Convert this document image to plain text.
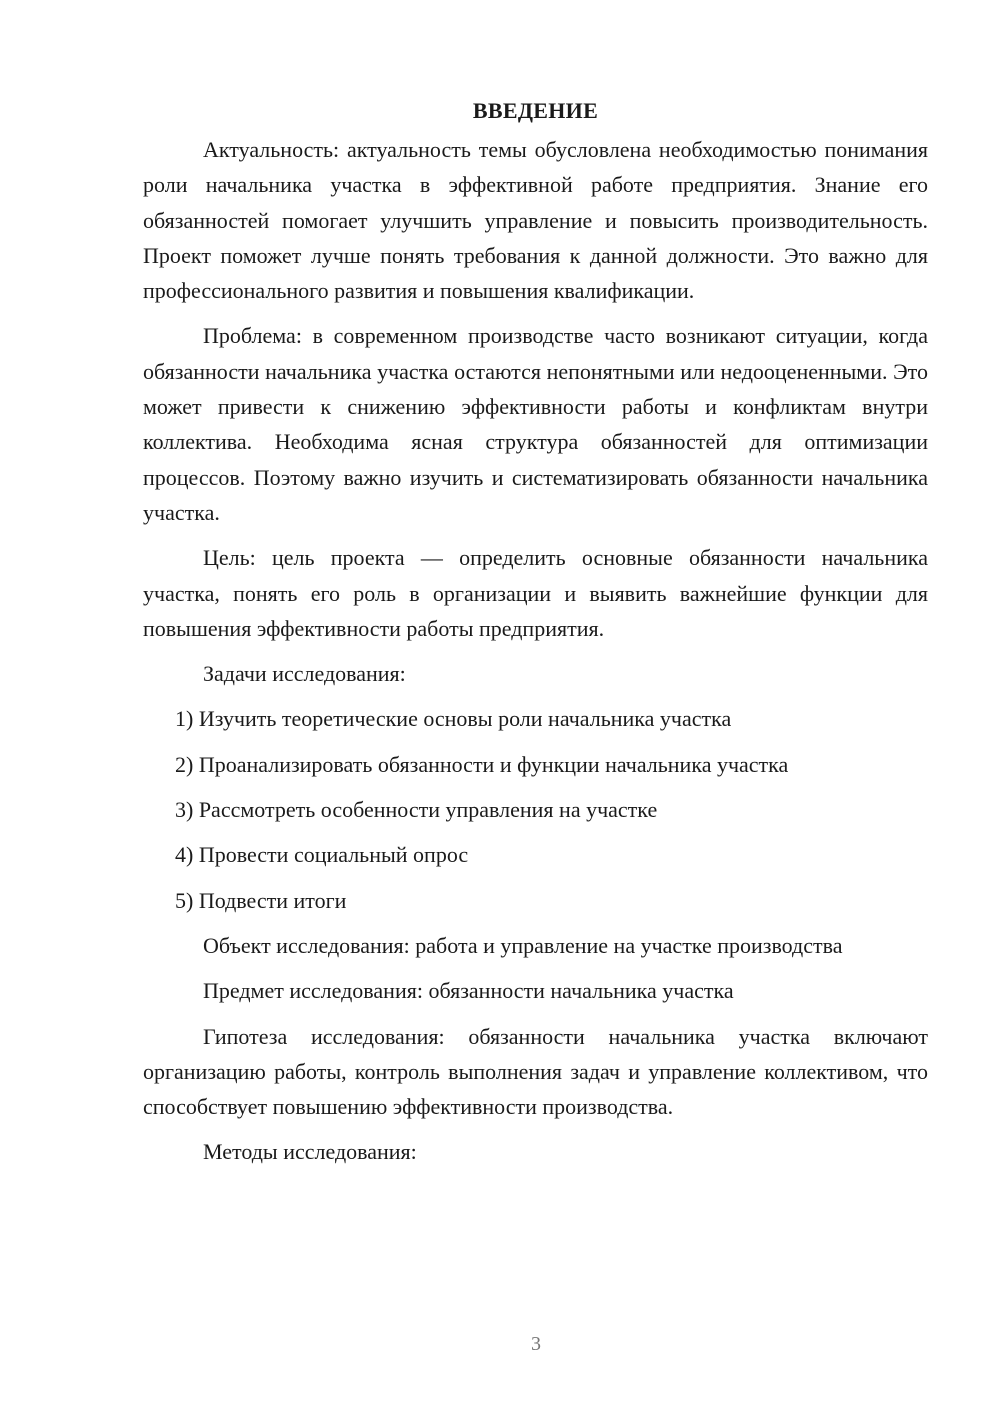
ВВЕДЕНИЕ

Актуальность: актуальность темы обусловлена необходимостью понимания роли начальника участка в эффективной работе предприятия. Знание его обязанностей помогает улучшить управление и повысить производительность. Проект поможет лучше понять требования к данной должности. Это важно для профессионального развития и повышения квалификации.

Проблема: в современном производстве часто возникают ситуации, когда обязанности начальника участка остаются непонятными или недооцененными. Это может привести к снижению эффективности работы и конфликтам внутри коллектива. Необходима ясная структура обязанностей для оптимизации процессов. Поэтому важно изучить и систематизировать обязанности начальника участка.

Цель: цель проекта — определить основные обязанности начальника участка, понять его роль в организации и выявить важнейшие функции для повышения эффективности работы предприятия.

Задачи исследования:
1) Изучить теоретические основы роли начальника участка
2) Проанализировать обязанности и функции начальника участка
3) Рассмотреть особенности управления на участке
4) Провести социальный опрос
5) Подвести итоги
Объект исследования: работа и управление на участке производства
Предмет исследования: обязанности начальника участка

Гипотеза исследования: обязанности начальника участка включают организацию работы, контроль выполнения задач и управление коллективом, что способствует повышению эффективности производства.

Методы исследования:
3
